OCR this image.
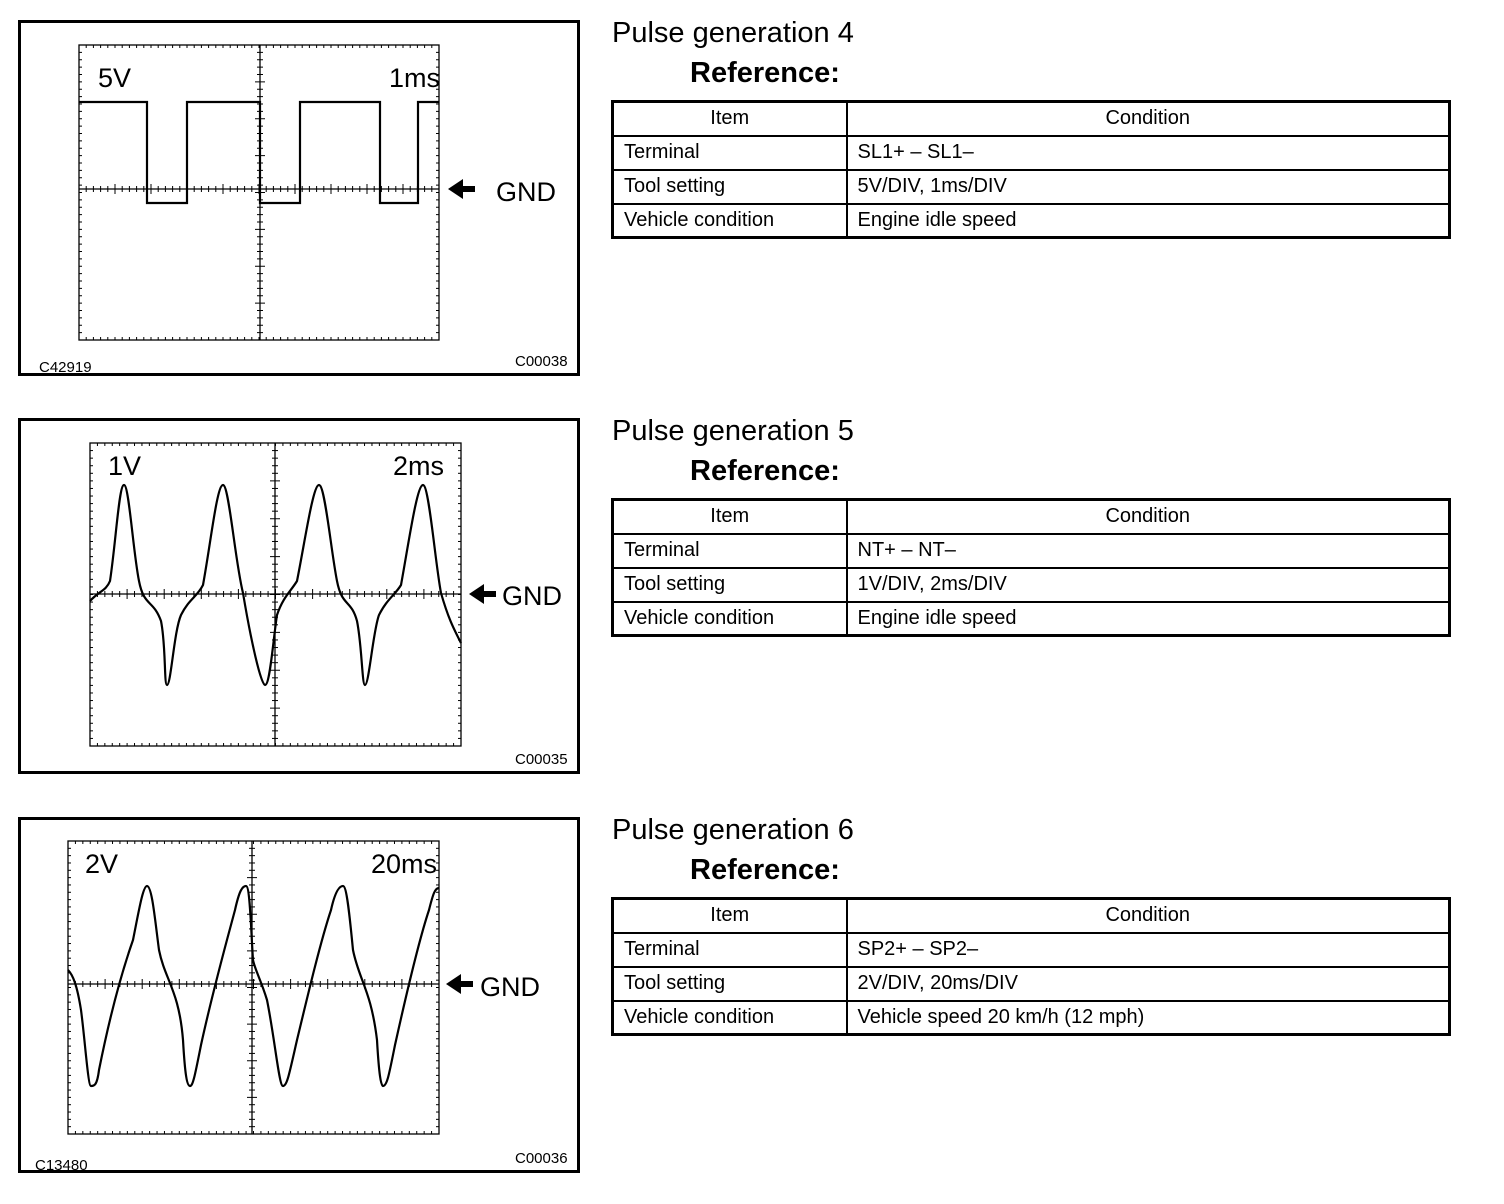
5V	1ms
GND
C42919	C00038
Pulse generation 4
Reference:
Item	Condition
Terminal	SL1+ – SL1–
Tool setting	5V/DIV, 1ms/DIV
Vehicle condition	Engine idle speed
1V	2ms
GND
C00035
Pulse generation 5
Reference:
Item	Condition
Terminal	NT+ – NT–
Tool setting	1V/DIV, 2ms/DIV
Vehicle condition	Engine idle speed
2V	20ms
GND
C13480	C00036
Pulse generation 6
Reference:
Item	Condition
Terminal	SP2+ – SP2–
Tool setting	2V/DIV, 20ms/DIV
Vehicle condition	Vehicle speed 20 km/h (12 mph)
